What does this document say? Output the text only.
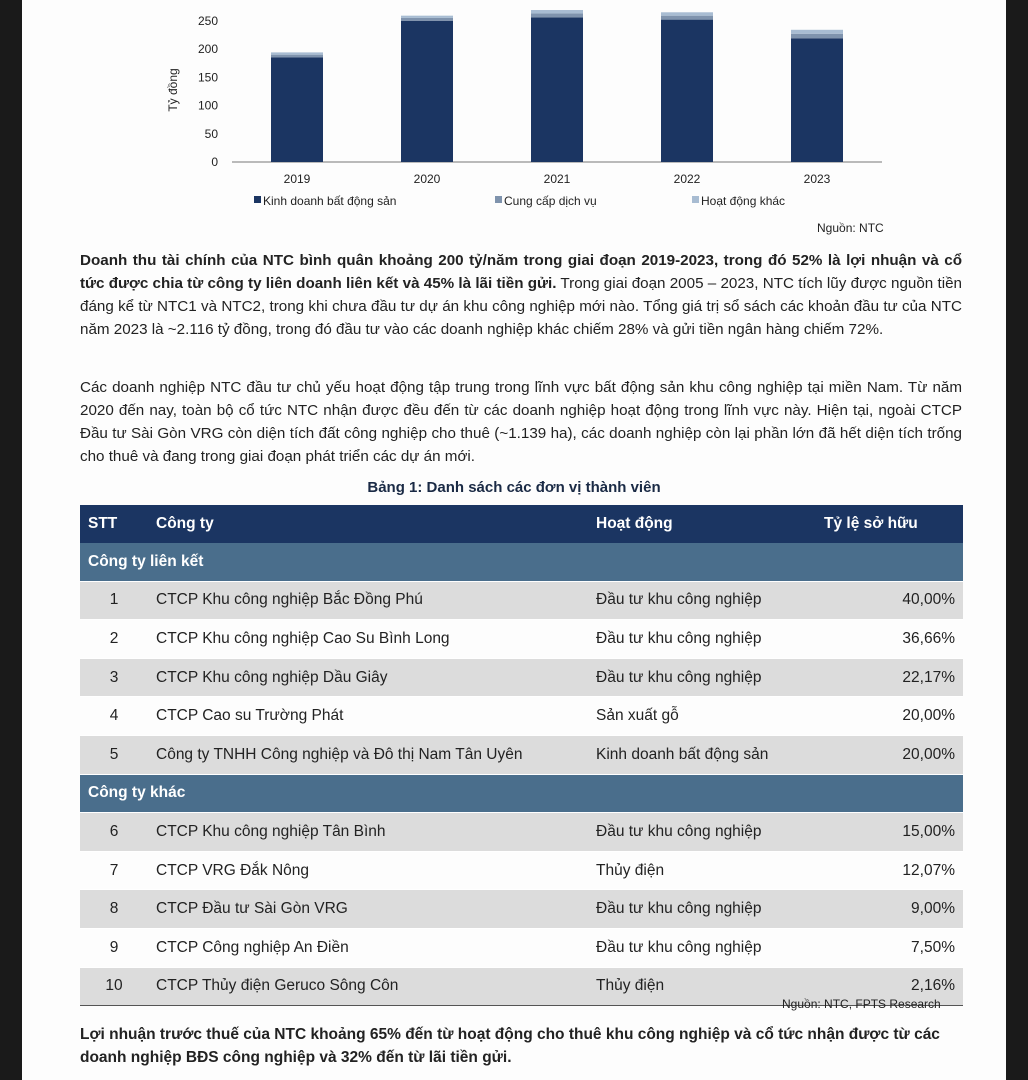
0
50
100
150
200
250
Tỷ đồng
2019	2020	2021	2022	2023
Kinh doanh bất động sản	Cung cấp dịch vụ	Hoạt động khác
Nguồn: NTC

Doanh thu tài chính của NTC bình quân khoảng 200 tỷ/năm trong giai đoạn 2019-2023, trong đó 52% là lợi nhuận và cổ tức được chia từ công ty liên doanh liên kết và 45% là lãi tiền gửi. Trong giai đoạn 2005 – 2023, NTC tích lũy được nguồn tiền đáng kể từ NTC1 và NTC2, trong khi chưa đầu tư dự án khu công nghiệp mới nào. Tổng giá trị sổ sách các khoản đầu tư của NTC năm 2023 là ~2.116 tỷ đồng, trong đó đầu tư vào các doanh nghiệp khác chiếm 28% và gửi tiền ngân hàng chiếm 72%.

Các doanh nghiệp NTC đầu tư chủ yếu hoạt động tập trung trong lĩnh vực bất động sản khu công nghiệp tại miền Nam. Từ năm 2020 đến nay, toàn bộ cổ tức NTC nhận được đều đến từ các doanh nghiệp hoạt động trong lĩnh vực này. Hiện tại, ngoài CTCP Đầu tư Sài Gòn VRG còn diện tích đất công nghiệp cho thuê (~1.139 ha), các doanh nghiệp còn lại phần lớn đã hết diện tích trống cho thuê và đang trong giai đoạn phát triển các dự án mới.

Bảng 1: Danh sách các đơn vị thành viên
STT	Công ty	Hoạt động	Tỷ lệ sở hữu
Công ty liên kết			
1	CTCP Khu công nghiệp Bắc Đồng Phú	Đầu tư khu công nghiệp	40,00%
2	CTCP Khu công nghiệp Cao Su Bình Long	Đầu tư khu công nghiệp	36,66%
3	CTCP Khu công nghiệp Dầu Giây	Đầu tư khu công nghiệp	22,17%
4	CTCP Cao su Trường Phát	Sản xuất gỗ	20,00%
5	Công ty TNHH Công nghiệp và Đô thị Nam Tân Uyên	Kinh doanh bất động sản	20,00%
Công ty khác			
6	CTCP Khu công nghiệp Tân Bình	Đầu tư khu công nghiệp	15,00%
7	CTCP VRG Đắk Nông	Thủy điện	12,07%
8	CTCP Đầu tư Sài Gòn VRG	Đầu tư khu công nghiệp	9,00%
9	CTCP Công nghiệp An Điền	Đầu tư khu công nghiệp	7,50%
10	CTCP Thủy điện Geruco Sông Côn	Thủy điện	2,16%
Nguồn: NTC, FPTS Research

Lợi nhuận trước thuế của NTC khoảng 65% đến từ hoạt động cho thuê khu công nghiệp và cổ tức nhận được từ các doanh nghiệp BĐS công nghiệp và 32% đến từ lãi tiền gửi.
